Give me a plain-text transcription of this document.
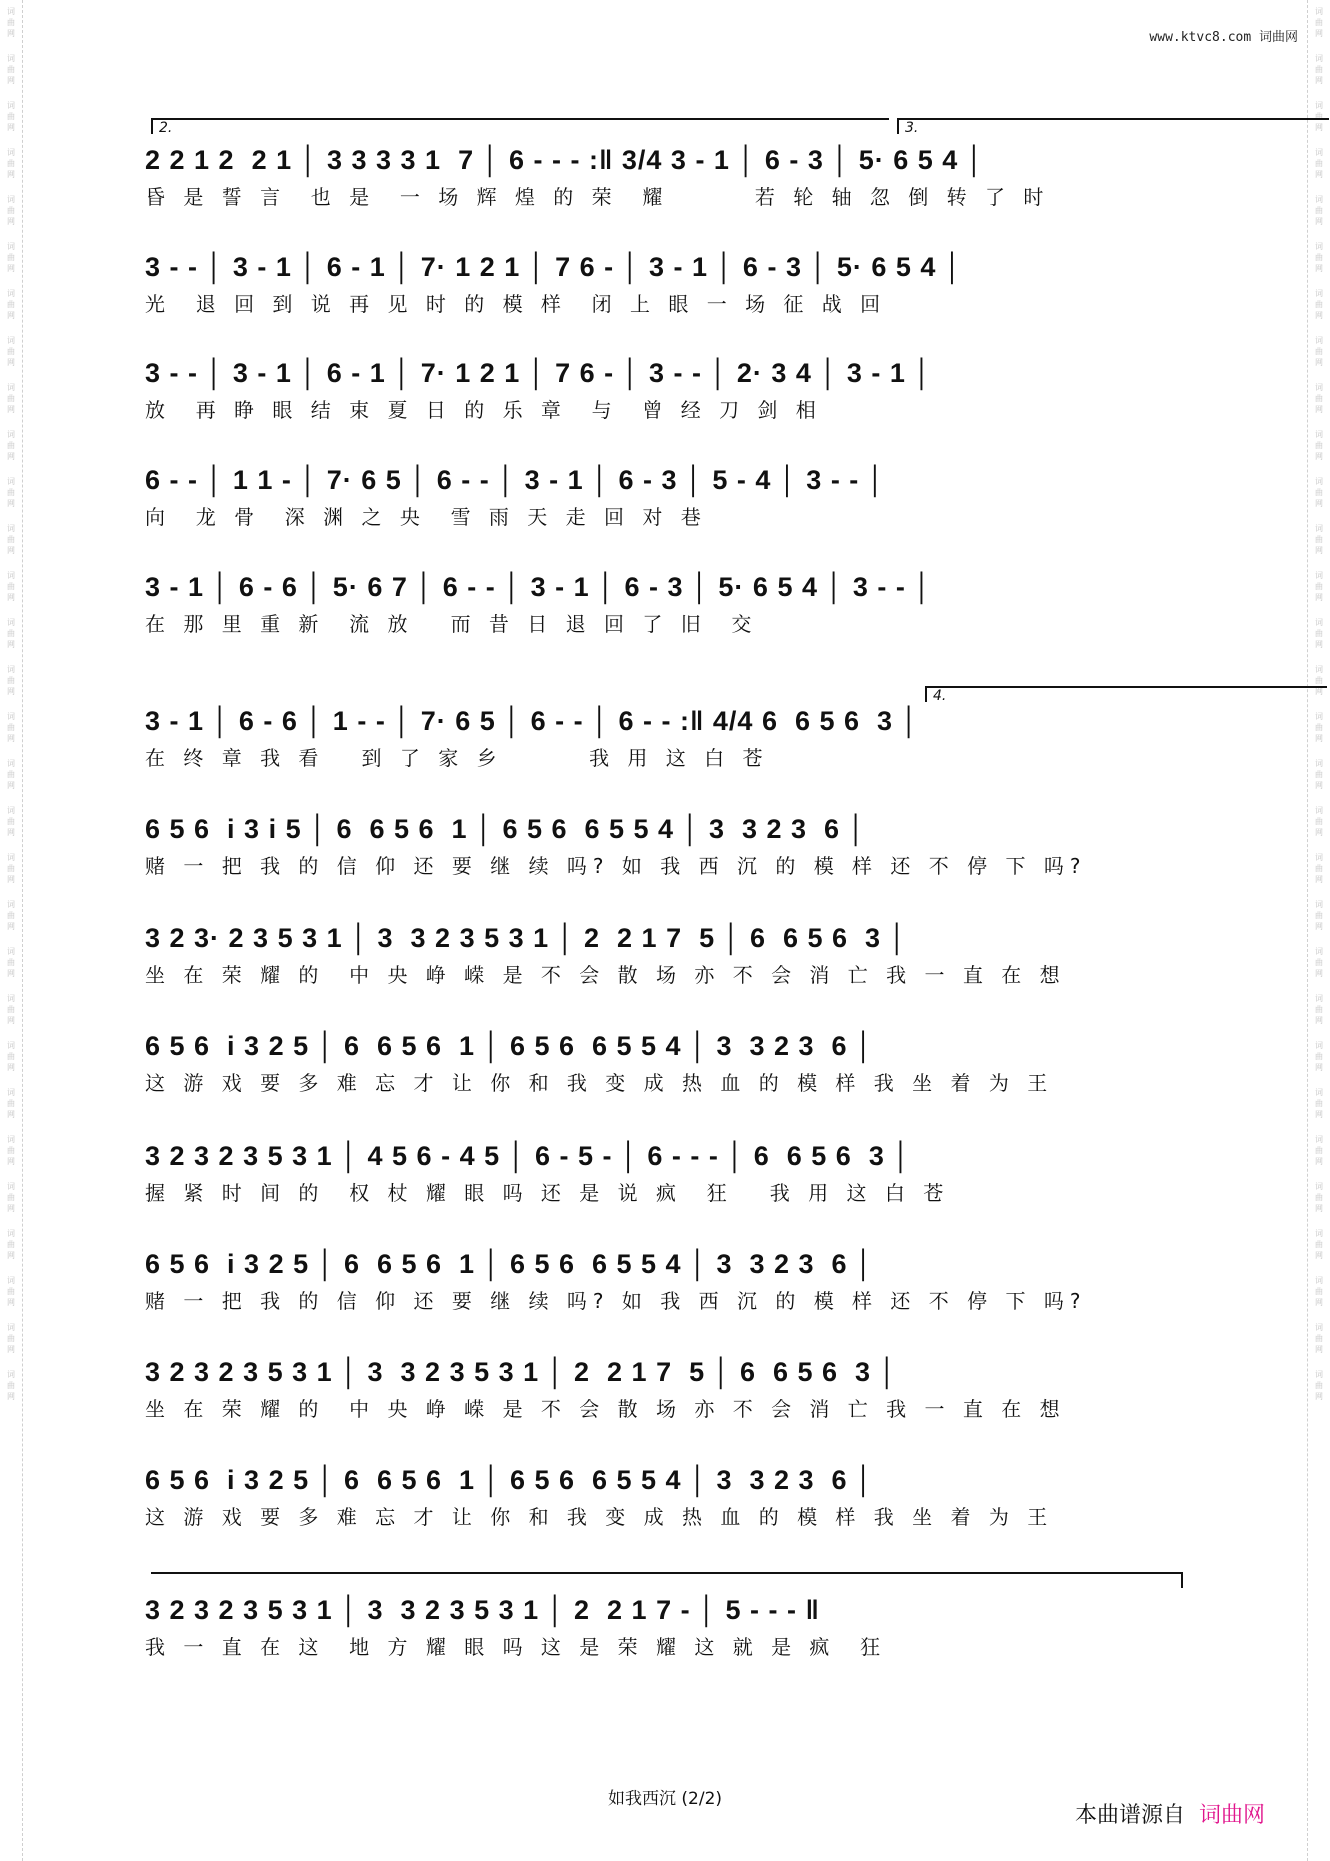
词
曲
网
词
曲
网
词
曲
网
词
曲
网
词
曲
网
词
曲
网
词
曲
网
词
曲
网
词
曲
网
词
曲
网
词
曲
网
词
曲
网
词
曲
网
词
曲
网
词
曲
网
词
曲
网
词
曲
网
词
曲
网
词
曲
网
词
曲
网
词
曲
网
词
曲
网
词
曲
网
词
曲
网
词
曲
网
词
曲
网
词
曲
网
词
曲
网
词
曲
网
词
曲
网
词
曲
网
词
曲
网
词
曲
网
词
曲
网
词
曲
网
词
曲
网
词
曲
网
词
曲
网
词
曲
网
词
曲
网
词
曲
网
词
曲
网
词
曲
网
词
曲
网
词
曲
网
词
曲
网
词
曲
网
词
曲
网
词
曲
网
词
曲
网
词
曲
网
词
曲
网
词
曲
网
词
曲
网
词
曲
网
词
曲
网
词
曲
网
词
曲
网
词
曲
网
词
曲
网
www.ktvc8.com 词曲网
2.	3.
4.
2 2 1 2  2 1 │ 3 3 3 3 1  7 │ 6 - - - :‖ 3/4 3 - 1 │ 6 - 3 │ 5· 6 5 4 │
昏 是 誓 言  也 是  一 场 辉 煌 的 荣  耀       若 轮 轴 忽 倒 转 了 时
3 - - │ 3 - 1 │ 6 - 1 │ 7· 1 2 1 │ 7 6 - │ 3 - 1 │ 6 - 3 │ 5· 6 5 4 │
光  退 回 到 说 再 见 时 的 模 样  闭 上 眼 一 场 征 战 回
3 - - │ 3 - 1 │ 6 - 1 │ 7· 1 2 1 │ 7 6 - │ 3 - - │ 2· 3 4 │ 3 - 1 │
放  再 睁 眼 结 束 夏 日 的 乐 章  与  曾 经 刀 剑 相
6 - - │ 1 1 - │ 7· 6 5 │ 6 - - │ 3 - 1 │ 6 - 3 │ 5 - 4 │ 3 - - │
向  龙 骨  深 渊 之 央  雪 雨 天 走 回 对 巷
3 - 1 │ 6 - 6 │ 5· 6 7 │ 6 - - │ 3 - 1 │ 6 - 3 │ 5· 6 5 4 │ 3 - - │
在 那 里 重 新  流 放   而 昔 日 退 回 了 旧  交
3 - 1 │ 6 - 6 │ 1 - - │ 7· 6 5 │ 6 - - │ 6 - - :‖ 4/4 6  6 5 6  3 │
在 终 章 我 看   到 了 家 乡       我 用 这 白 苍
6 5 6  i 3 i 5 │ 6  6 5 6  1 │ 6 5 6  6 5 5 4 │ 3  3 2 3  6 │
赌 一 把 我 的 信 仰 还 要 继 续 吗? 如 我 西 沉 的 模 样 还 不 停 下 吗?
3 2 3· 2 3 5 3 1 │ 3  3 2 3 5 3 1 │ 2  2 1 7  5 │ 6  6 5 6  3 │
坐 在 荣 耀 的  中 央 峥 嵘 是 不 会 散 场 亦 不 会 消 亡 我 一 直 在 想
6 5 6  i 3 2 5 │ 6  6 5 6  1 │ 6 5 6  6 5 5 4 │ 3  3 2 3  6 │
这 游 戏 要 多 难 忘 才 让 你 和 我 变 成 热 血 的 模 样 我 坐 着 为 王
3 2 3 2 3 5 3 1 │ 4 5 6 - 4 5 │ 6 - 5 - │ 6 - - - │ 6  6 5 6  3 │
握 紧 时 间 的  权 杖 耀 眼 吗 还 是 说 疯  狂   我 用 这 白 苍
6 5 6  i 3 2 5 │ 6  6 5 6  1 │ 6 5 6  6 5 5 4 │ 3  3 2 3  6 │
赌 一 把 我 的 信 仰 还 要 继 续 吗? 如 我 西 沉 的 模 样 还 不 停 下 吗?
3 2 3 2 3 5 3 1 │ 3  3 2 3 5 3 1 │ 2  2 1 7  5 │ 6  6 5 6  3 │
坐 在 荣 耀 的  中 央 峥 嵘 是 不 会 散 场 亦 不 会 消 亡 我 一 直 在 想
6 5 6  i 3 2 5 │ 6  6 5 6  1 │ 6 5 6  6 5 5 4 │ 3  3 2 3  6 │
这 游 戏 要 多 难 忘 才 让 你 和 我 变 成 热 血 的 模 样 我 坐 着 为 王
3 2 3 2 3 5 3 1 │ 3  3 2 3 5 3 1 │ 2  2 1 7 - │ 5 - - - ‖
我 一 直 在 这  地 方 耀 眼 吗 这 是 荣 耀 这 就 是 疯  狂
如我西沉 (2/2)
本曲谱源自 词曲网
